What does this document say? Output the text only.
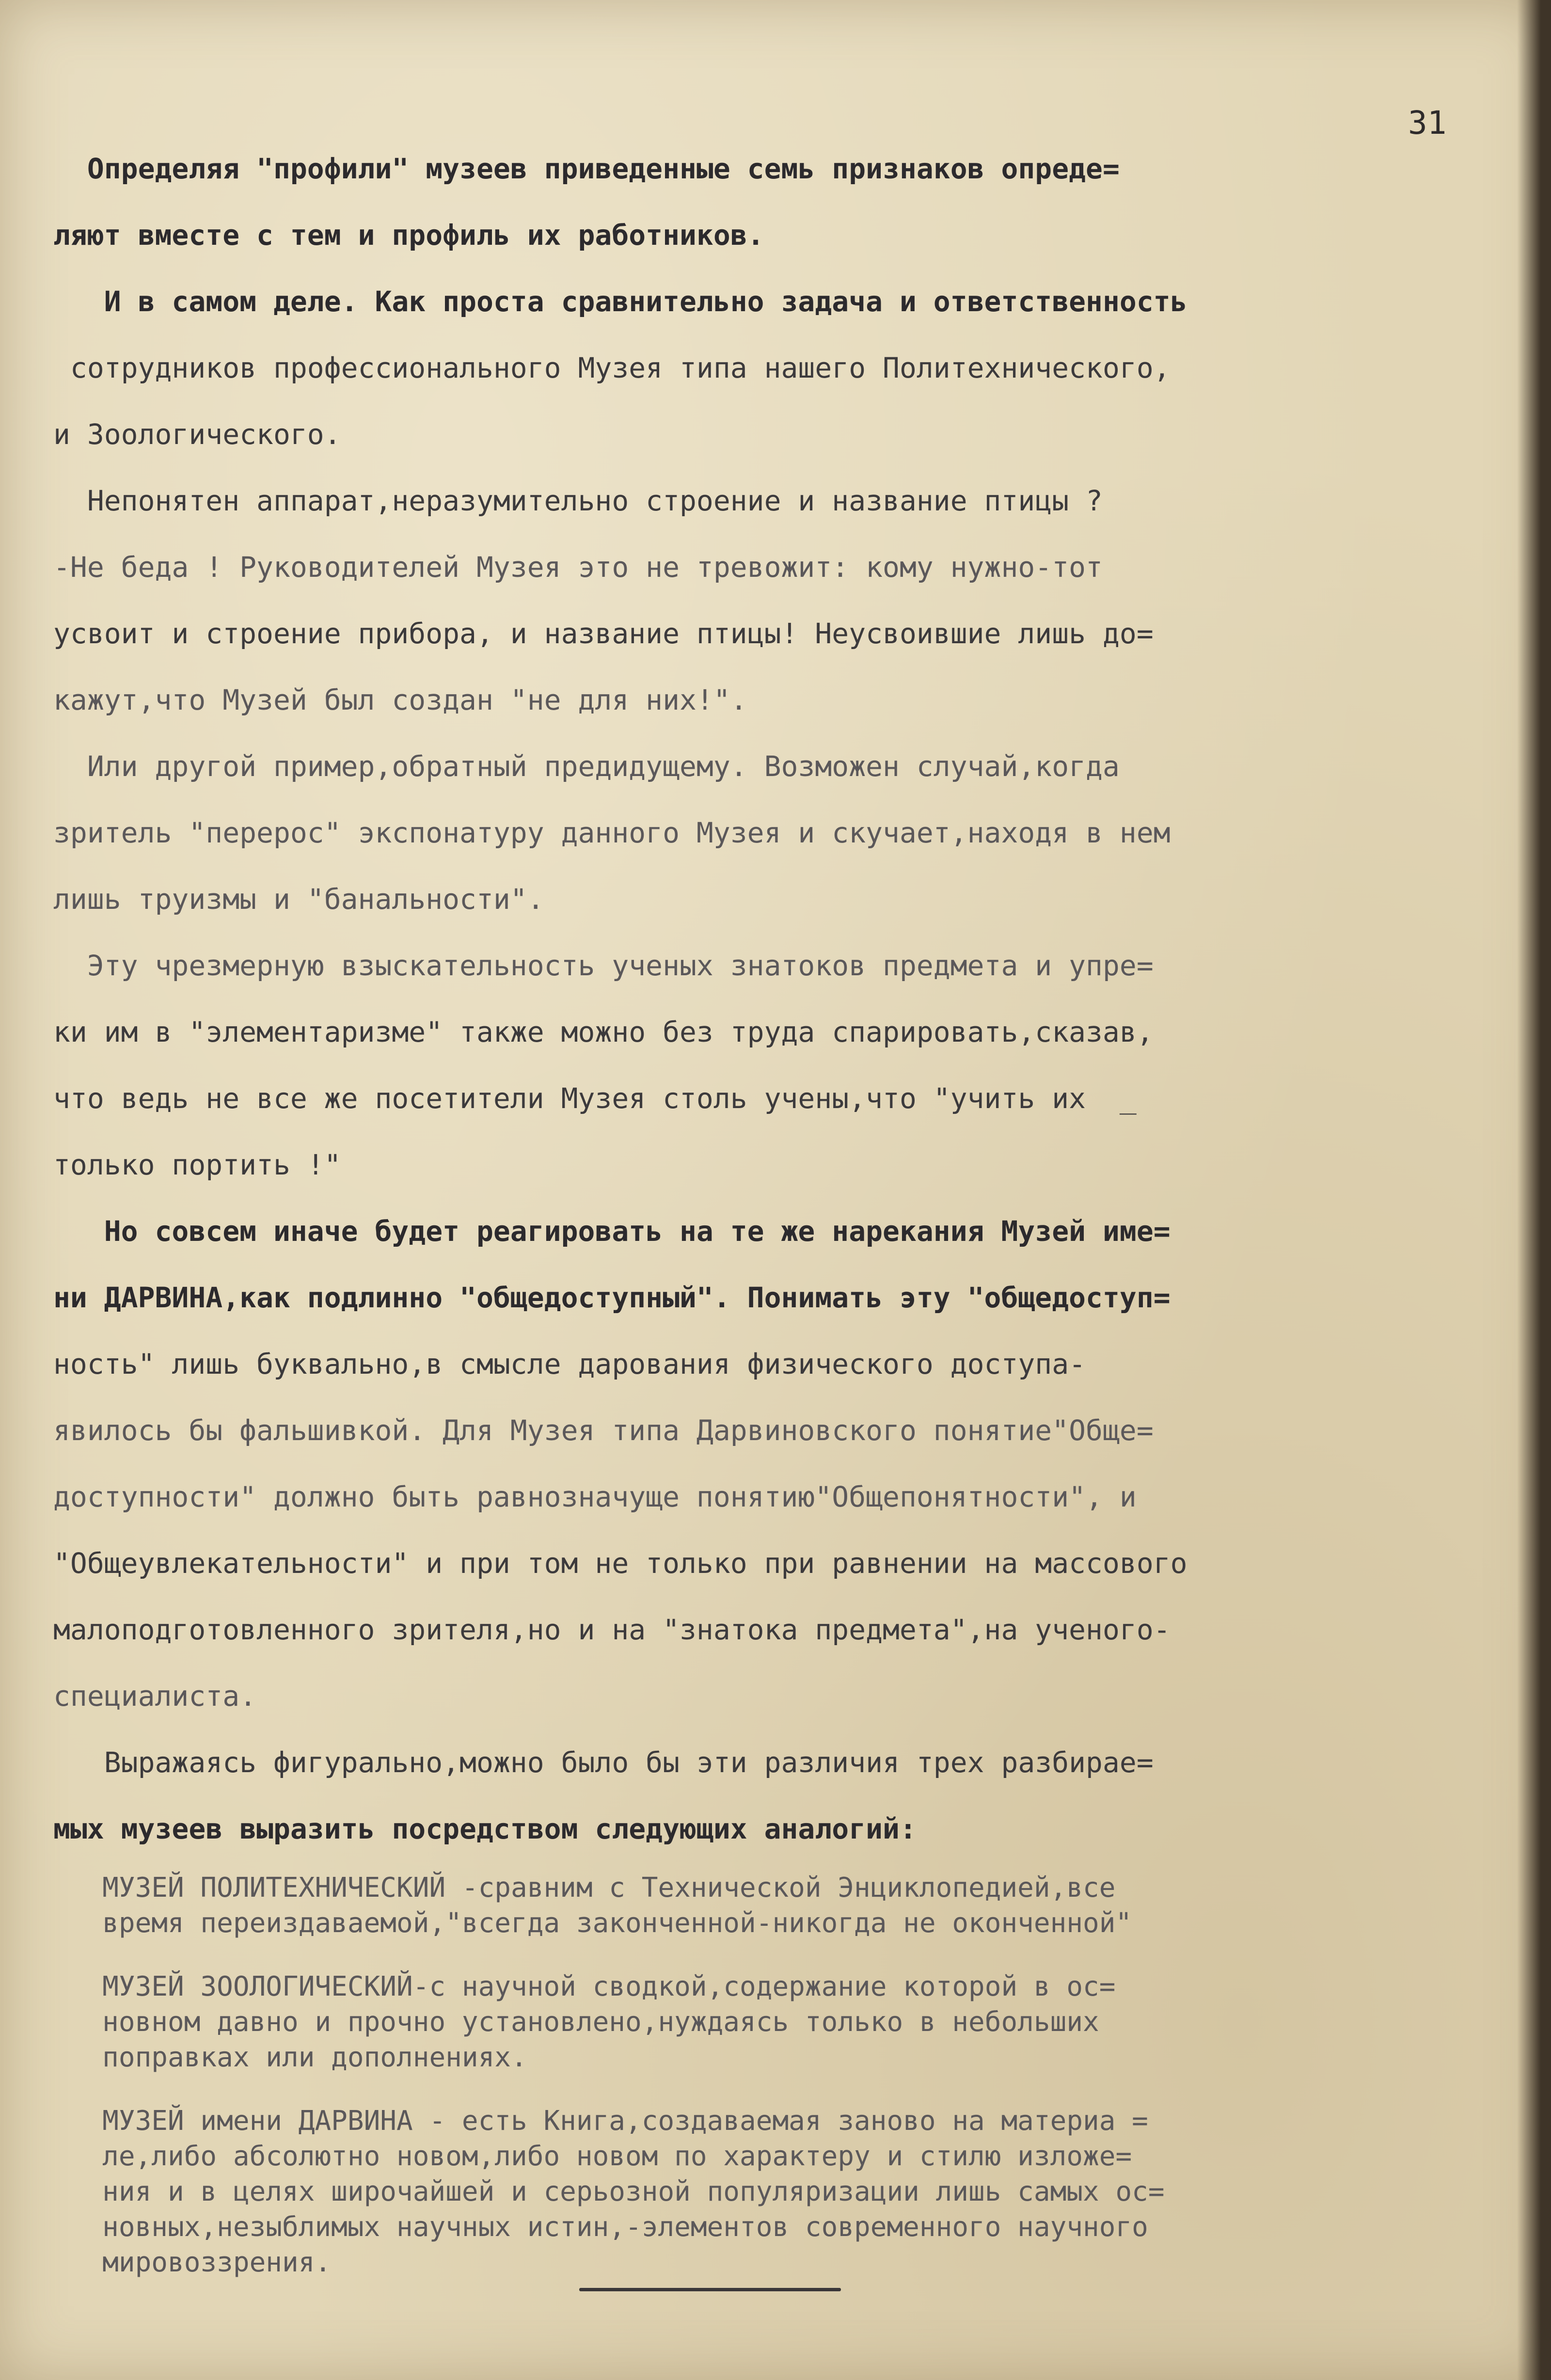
31
Определяя "профили" музеев приведенные семь признаков опреде=
ляют вместе с тем и профиль их работников.
И в самом деле. Как проста сравнительно задача и ответственность
сотрудников профессионального Музея типа нашего Политехнического,
и Зоологического.
Непонятен аппарат,неразумительно строение и название птицы ?
-Не беда ! Руководителей Музея это не тревожит: кому нужно-тот
усвоит и строение прибора, и название птицы! Неусвоившие лишь до=
кажут,что Музей был создан "не для них!".
Или другой пример,обратный предидущему. Возможен случай,когда
зритель "перерос" экспонатуру данного Музея и скучает,находя в нем
лишь труизмы и "банальности".
Эту чрезмерную взыскательность ученых знатоков предмета и упре=
ки им в "элементаризме" также можно без труда спарировать,сказав,
что ведь не все же посетители Музея столь учены,что "учить их  _
только портить !"
Но совсем иначе будет реагировать на те же нарекания Музей име=
ни ДАРВИНА,как подлинно "общедоступный". Понимать эту "общедоступ=
ность" лишь буквально,в смысле дарования физического доступа-
явилось бы фальшивкой. Для Музея типа Дарвиновского понятие"Обще=
доступности" должно быть равнозначуще понятию"Общепонятности", и
"Общеувлекательности" и при том не только при равнении на массового
малоподготовленного зрителя,но и на "знатока предмета",на ученого-
специалиста.
Выражаясь фигурально,можно было бы эти различия трех разбирае=
мых музеев выразить посредством следующих аналогий:
МУЗЕЙ ПОЛИТЕХНИЧЕСКИЙ -сравним с Технической Энциклопедией,все
время переиздаваемой,"всегда законченной-никогда не оконченной"
МУЗЕЙ ЗООЛОГИЧЕСКИЙ-с научной сводкой,содержание которой в ос=
новном давно и прочно установлено,нуждаясь только в небольших
поправках или дополнениях.
МУЗЕЙ имени ДАРВИНА - есть Книга,создаваемая заново на материа =
ле,либо абсолютно новом,либо новом по характеру и стилю изложе=
ния и в целях широчайшей и серьозной популяризации лишь самых ос=
новных,незыблимых научных истин,-элементов современного научного
мировоззрения.
